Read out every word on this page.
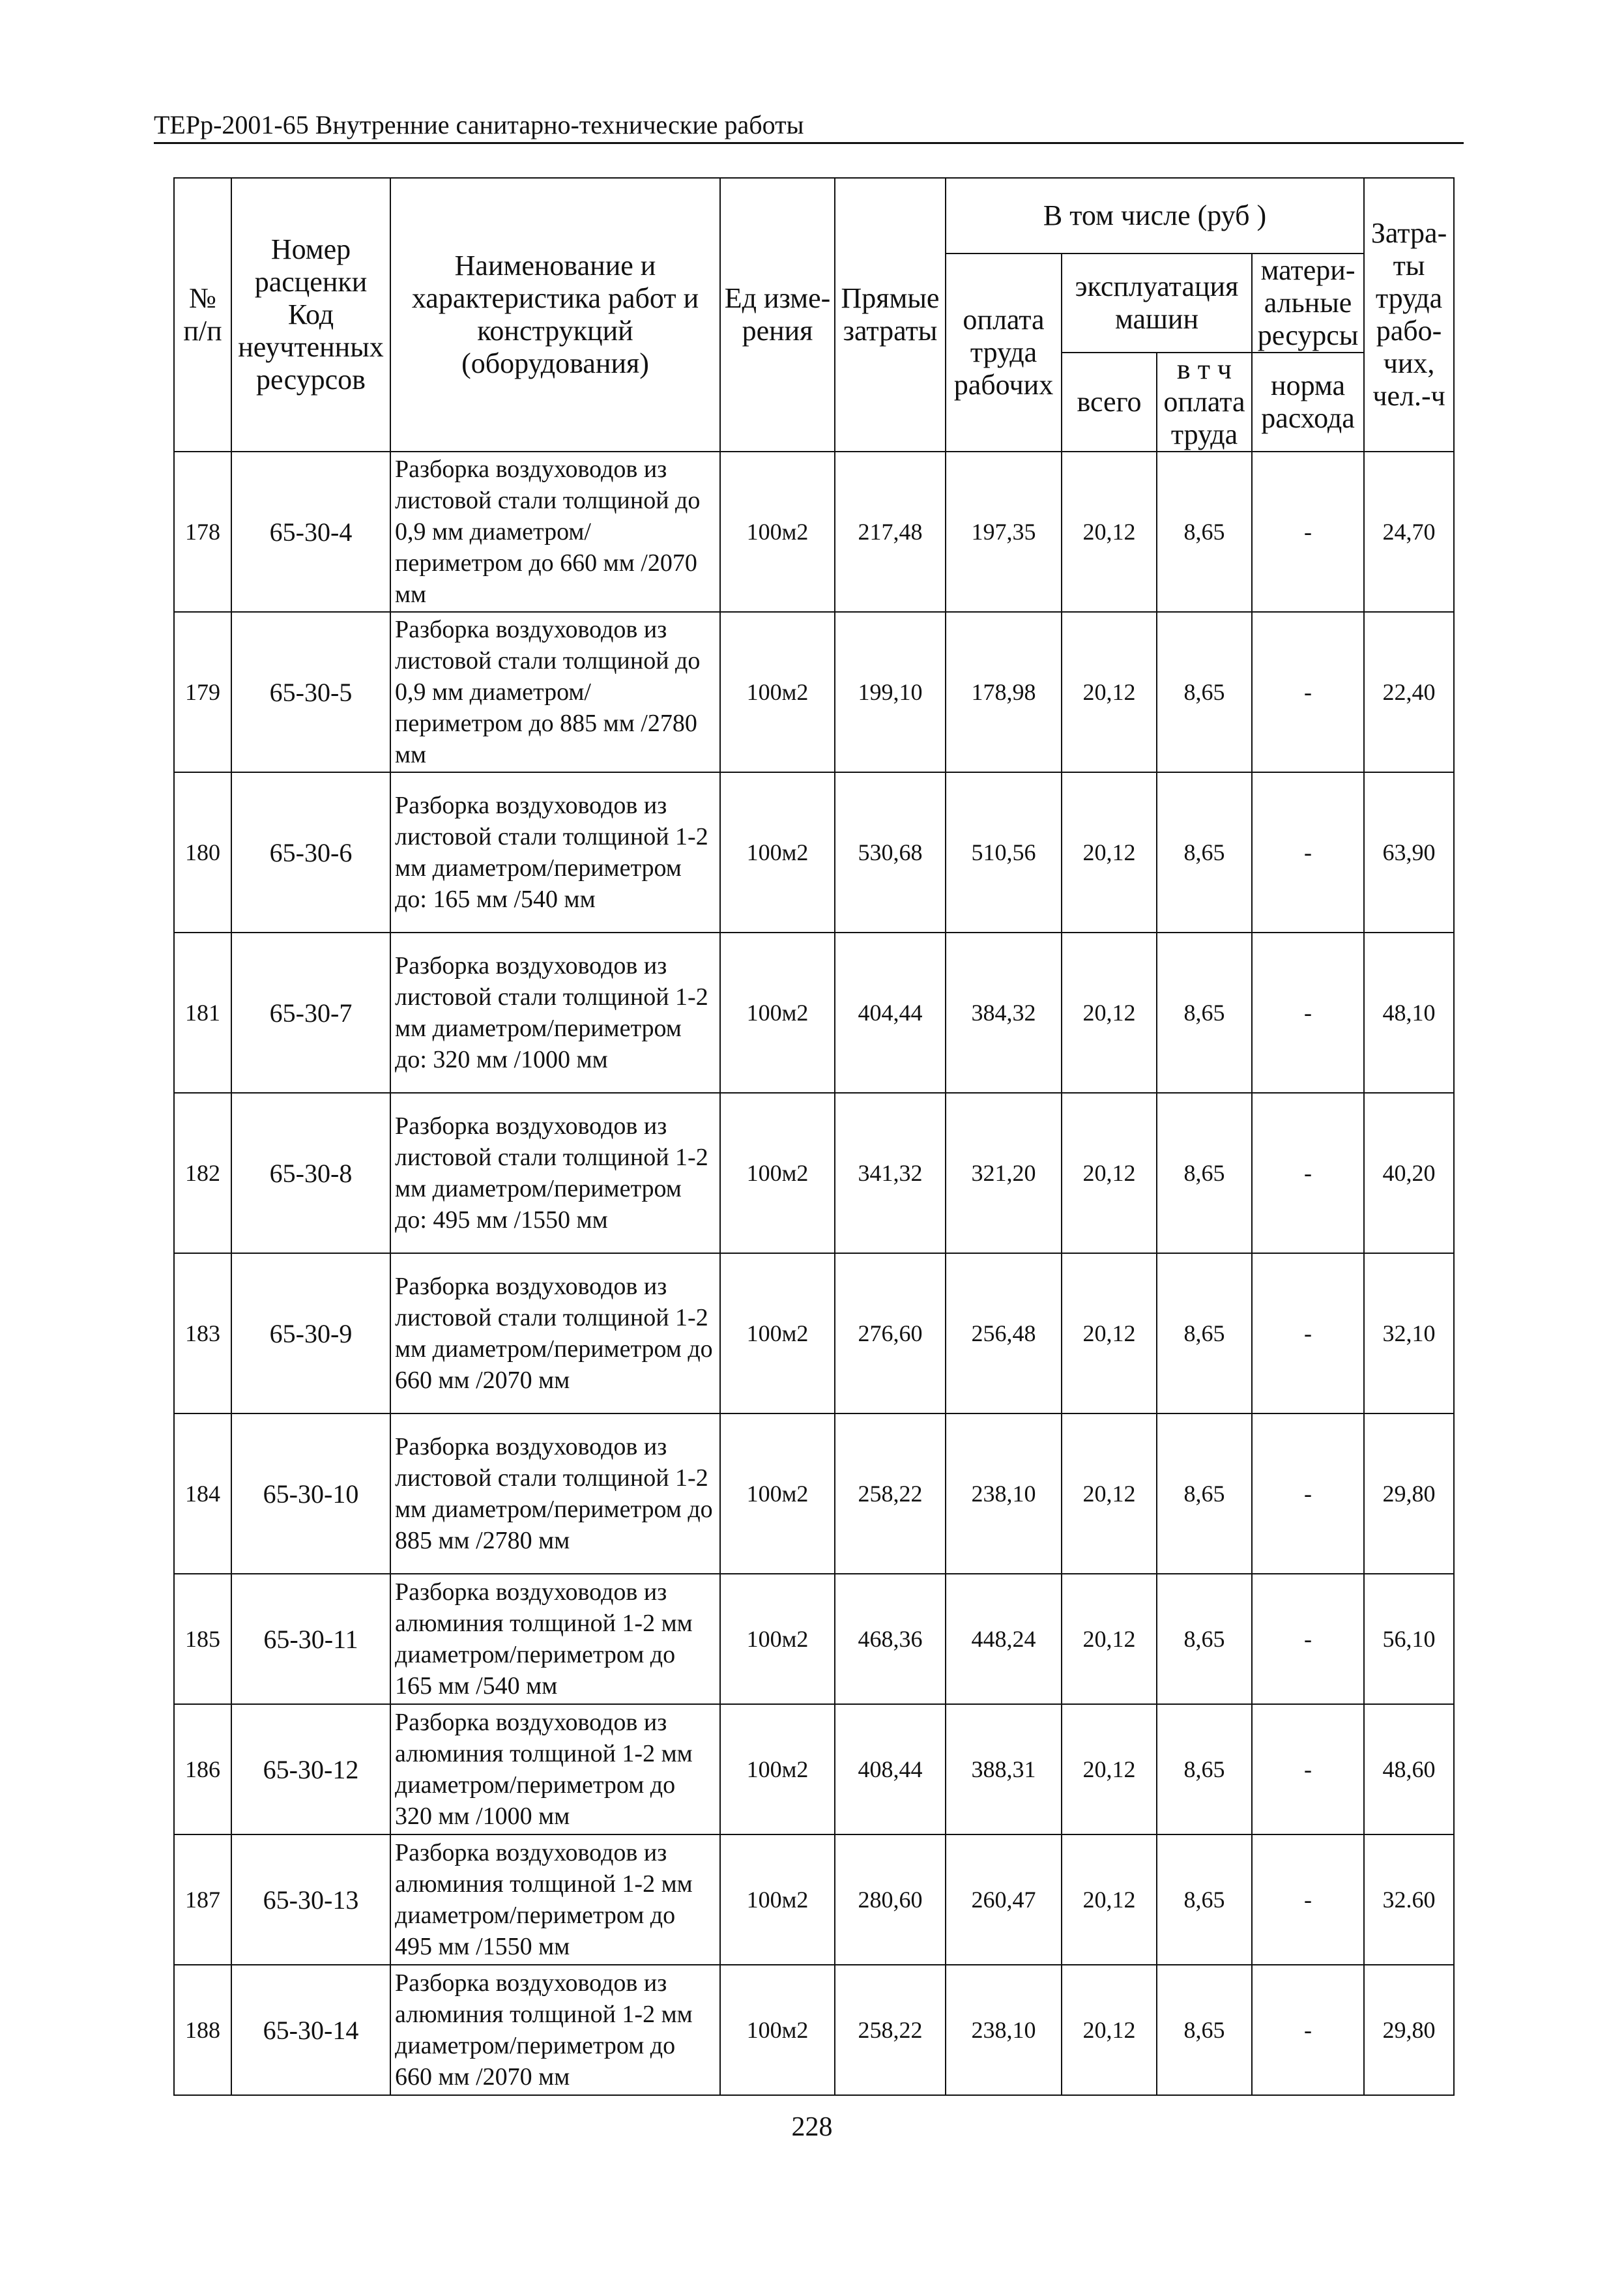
ТЕРр-2001-65 Внутренние санитарно-технические работы
№ п/п	Номер расценки Код неучтенных ресурсов	Наименование и характеристика работ и конструкций (оборудования)	Ед изме-рения	Прямые затраты	В том числе (руб )				Затра-ты труда рабо-чих, чел.-ч
					оплата труда рабочих	эксплуатация машин		матери-альные ресурсы	
						всего	в т ч оплата труда	норма расхода	
178	65-30-4	Разборка воздуховодов из листовой стали толщиной до 0,9 мм диаметром/периметром до 660 мм /2070 мм	100м2	217,48	197,35	20,12	8,65	-	24,70
179	65-30-5	Разборка воздуховодов из листовой стали толщиной до 0,9 мм диаметром/периметром до 885 мм /2780 мм	100м2	199,10	178,98	20,12	8,65	-	22,40
180	65-30-6	Разборка воздуховодов из листовой стали толщиной 1-2 мм диаметром/периметром до: 165 мм /540 мм	100м2	530,68	510,56	20,12	8,65	-	63,90
181	65-30-7	Разборка воздуховодов из листовой стали толщиной 1-2 мм диаметром/периметром до: 320 мм /1000 мм	100м2	404,44	384,32	20,12	8,65	-	48,10
182	65-30-8	Разборка воздуховодов из листовой стали толщиной 1-2 мм диаметром/периметром до: 495 мм /1550 мм	100м2	341,32	321,20	20,12	8,65	-	40,20
183	65-30-9	Разборка воздуховодов из листовой стали толщиной 1-2 мм диаметром/периметром до 660 мм /2070 мм	100м2	276,60	256,48	20,12	8,65	-	32,10
184	65-30-10	Разборка воздуховодов из листовой стали толщиной 1-2 мм диаметром/периметром до 885 мм /2780 мм	100м2	258,22	238,10	20,12	8,65	-	29,80
185	65-30-11	Разборка воздуховодов из алюминия толщиной 1-2 мм диаметром/периметром до 165 мм /540 мм	100м2	468,36	448,24	20,12	8,65	-	56,10
186	65-30-12	Разборка воздуховодов из алюминия толщиной 1-2 мм диаметром/периметром до 320 мм /1000 мм	100м2	408,44	388,31	20,12	8,65	-	48,60
187	65-30-13	Разборка воздуховодов из алюминия толщиной 1-2 мм диаметром/периметром до 495 мм /1550 мм	100м2	280,60	260,47	20,12	8,65	-	32.60
188	65-30-14	Разборка воздуховодов из алюминия толщиной 1-2 мм диаметром/периметром до 660 мм /2070 мм	100м2	258,22	238,10	20,12	8,65	-	29,80
228
